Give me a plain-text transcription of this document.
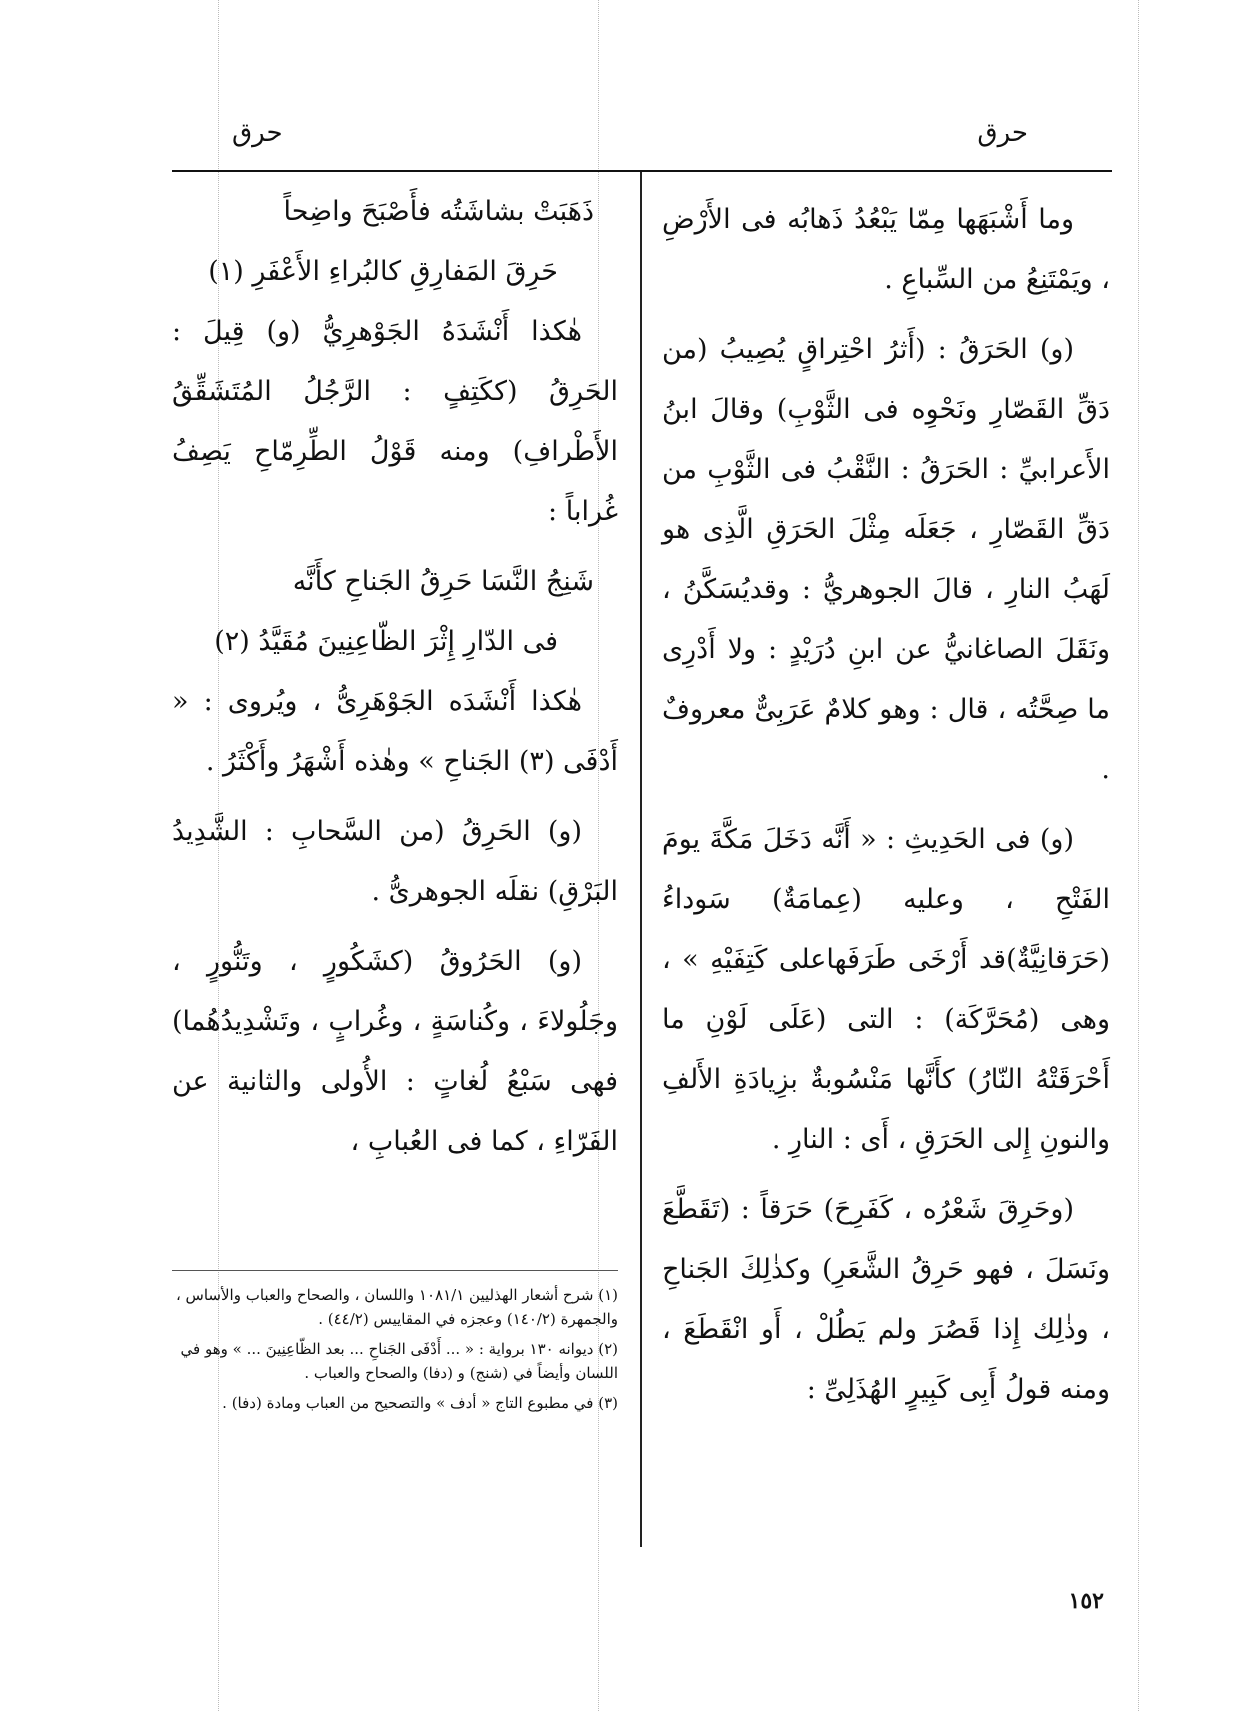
حرق
حرق

وما أَشْبَهَها مِمّا يَبْعُدُ ذَهابُه فى الأَرْضِ ، ويَمْتَنِعُ من السِّباعِ .

(و) الحَرَقُ : (أَثرُ احْتِراقٍ يُصِيبُ (من دَقِّ القَصّارِ ونَحْوِه فى الثَّوْبِ) وقالَ ابنُ الأَعرابيِّ : الحَرَقُ : النَّقْبُ فى الثَّوْبِ من دَقِّ القَصّارِ ، جَعَلَه مِثْلَ الحَرَقِ الَّذِى هو لَهَبُ النارِ ، قالَ الجوهريُّ : وقديُسَكَّنُ ، ونَقَلَ الصاغانيُّ عن ابنِ دُرَيْدٍ : ولا أَدْرِى ما صِحَّتُه ، قال : وهو كلامٌ عَرَبِىٌّ معروفٌ .

(و) فى الحَدِيثِ : « أَنَّه دَخَلَ مَكَّةَ يومَ الفَتْحِ ، وعليه (عِمامَةٌ) سَوداءُ (حَرَقانِيَّةٌ)قد أَرْخَى طَرَفَهاعلى كَتِفَيْهِ » ، وهى (مُحَرَّكَة) : التى (عَلَى لَوْنِ ما أَحْرَقَتْهُ النّارُ) كأَنَّها مَنْسُوبةٌ بزِيادَةِ الأَلفِ والنونِ إِلى الحَرَقِ ، أَى : النارِ .

(وحَرِقَ شَعْرُه ، كَفَرِحَ) حَرَقاً : (تَقَطَّعَ ونَسَلَ ، فهو حَرِقُ الشَّعَرِ) وكذٰلِكَ الجَناحِ ، وذٰلِك إِذا قَصُرَ ولم يَطُلْ ، أَو انْقَطَعَ ، ومنه قولُ أَبِى كَبِيرٍ الهُذَلِىِّ :

ذَهَبَتْ بشاشَتُه فأَصْبَحَ واضِحاً

حَرِقَ المَفارِقِ كالبُراءِ الأَعْفَرِ (١)

هٰكذا أَنْشَدَهُ الجَوْهرِيُّ (و) قِيلَ : الحَرِقُ (ككَتِفٍ : الرَّجُلُ المُتَشَقِّقُ الأَطْرافِ) ومنه قَوْلُ الطِّرِمّاحِ يَصِفُ غُراباً :

شَنِجُ النَّسَا حَرِقُ الجَناحِ كأَنَّه

فى الدّارِ إِثْرَ الظّاعِنِينَ مُقَيَّدُ (٢)

هٰكذا أَنْشَدَه الجَوْهَرِىُّ ، ويُروى : « أَدْفَى (٣) الجَناحِ » وهٰذه أَشْهَرُ وأَكْثَرُ .

(و) الحَرِقُ (من السَّحابِ : الشَّدِيدُ البَرْقِ) نقلَه الجوهرىُّ .

(و) الحَرُوقُ (كشَكُورٍ ، وتَنُّورٍ ، وجَلُولاءَ ، وكُناسَةٍ ، وغُرابٍ ، وتَشْدِيدُهُما) فهى سَبْعُ لُغاتٍ : الأُولى والثانية عن الفَرّاءِ ، كما فى العُبابِ ،

(١) شرح أشعار الهذليين ١٠٨١/١ واللسان ، والصحاح والعباب والأساس ، والجمهرة (١٤٠/٢) وعجزه في المقاييس (٤٤/٢) .

(٢) ديوانه ١٣٠ برواية : « ... أَدْفَى الجَناحِ ... بعد الظّاعِنِينَ ... » وهو في اللسان وأيضاً في (شنج) و (دفا) والصحاح والعباب .

(٣) في مطبوع التاج « أدف » والتصحيح من العباب ومادة (دفا) .

١٥٢
